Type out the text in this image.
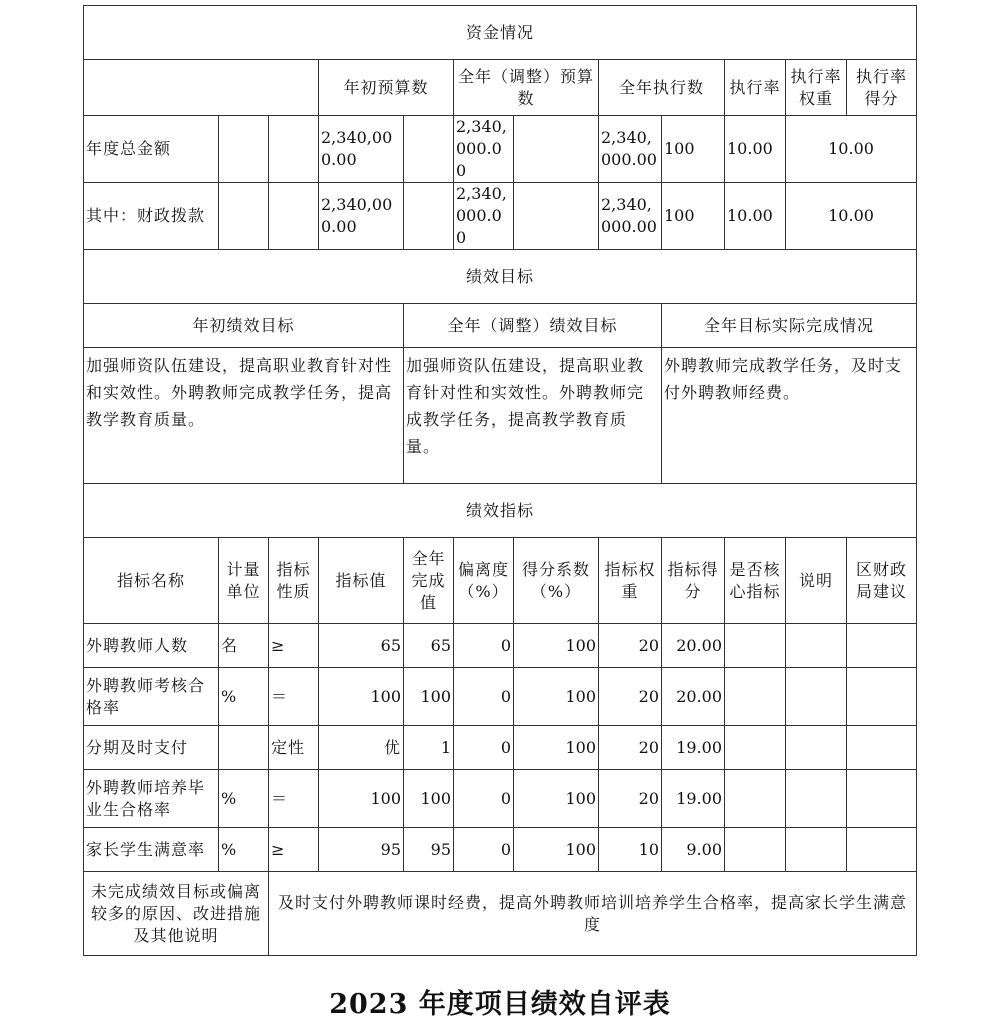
资金情况											
			年初预算数		全年（调整）预算数		全年执行数		执行率	执行率权重	执行率得分
年度总金额			2,340,000.00		2,340,000.00		2,340,000.00	100	10.00	10.00	
其中：财政拨款			2,340,000.00		2,340,000.00		2,340,000.00	100	10.00	10.00	
绩效目标											
年初绩效目标				全年（调整）绩效目标				全年目标实际完成情况			
加强师资队伍建设，提高职业教育针对性和实效性。外聘教师完成教学任务，提高教学教育质量。				加强师资队伍建设，提高职业教育针对性和实效性。外聘教师完成教学任务，提高教学教育质量。				外聘教师完成教学任务，及时支付外聘教师经费。			
绩效指标											
指标名称	计量单位	指标性质	指标值	全年完成值	偏离度（%）	得分系数（%）	指标权重	指标得分	是否核心指标	说明	区财政局建议
外聘教师人数	名	≥	65	65	0	100	20	20.00			
外聘教师考核合格率	%	＝	100	100	0	100	20	20.00			
分期及时支付		定性	优	1	0	100	20	19.00			
外聘教师培养毕业生合格率	%	＝	100	100	0	100	20	19.00			
家长学生满意率	%	≥	95	95	0	100	10	9.00			
未完成绩效目标或偏离较多的原因、改进措施及其他说明		及时支付外聘教师课时经费，提高外聘教师培训培养学生合格率，提高家长学生满意度									
2023 年度项目绩效自评表
